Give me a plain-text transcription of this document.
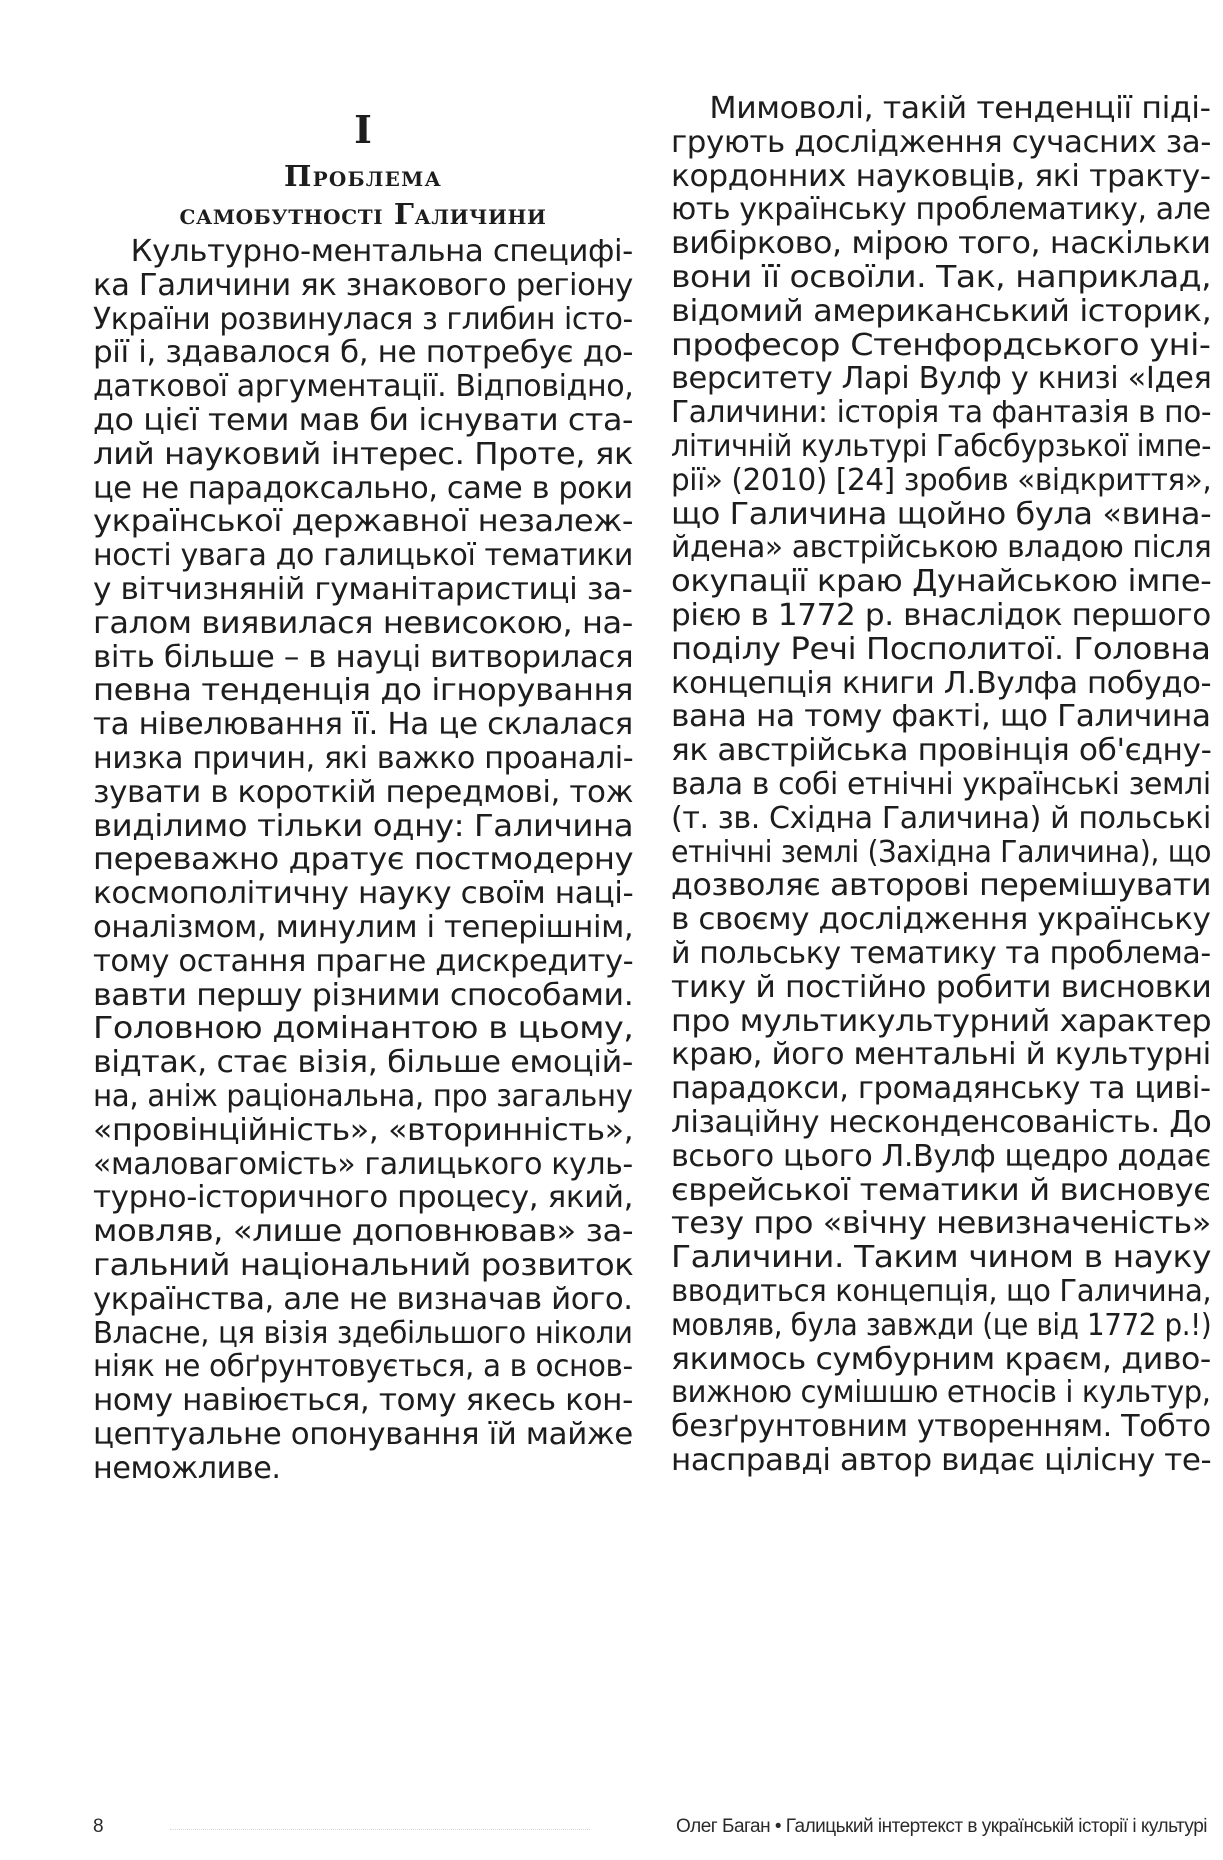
I
Проблема
самобутності Галичини

Культурно-ментальна специфі-

ка Галичини як знакового регіону

України розвинулася з глибин істо-

рії і, здавалося б, не потребує до-

даткової аргументації. Відповідно,

до цієї теми мав би існувати ста-

лий науковий інтерес. Проте, як

це не парадоксально, саме в роки

української державної незалеж-

ності увага до галицької тематики

у вітчизняній гуманітаристиці за-

галом виявилася невисокою, на-

віть більше – в науці витворилася

певна тенденція до ігнорування

та нівелювання її. На це склалася

низка причин, які важко проаналі-

зувати в короткій передмові, тож

виділимо тільки одну: Галичина

переважно дратує постмодерну

космополітичну науку своїм наці-

оналізмом, минулим і теперішнім,

тому остання прагне дискредиту-

вавти першу різними способами.

Головною домінантою в цьому,

відтак, стає візія, більше емоцій-

на, аніж раціональна, про загальну

«провінційність», «вторинність»,

«маловагомість» галицького куль-

турно-історичного процесу, який,

мовляв, «лише доповнював» за-

гальний національний розвиток

українства, але не визначав його.

Власне, ця візія здебільшого ніколи

ніяк не обґрунтовується, а в основ-

ному навіюється, тому якесь кон-

цептуальне опонування їй майже

неможливе.

Мимоволі, такій тенденції піді-

грують дослідження сучасних за-

кордонних науковців, які тракту-

ють українську проблематику, але

вибірково, мірою того, наскільки

вони її освоїли. Так, наприклад,

відомий американський історик,

професор Стенфордського уні-

верситету Ларі Вулф у книзі «Ідея

Галичини: історія та фантазія в по-

літичній культурі Габсбурзької імпе-

рії» (2010) [24] зробив «відкриття»,

що Галичина щойно була «вина-

йдена» австрійською владою після

окупації краю Дунайською імпе-

рією в 1772 р. внаслідок першого

поділу Речі Посполитої. Головна

концепція книги Л.Вулфа побудо-

вана на тому факті, що Галичина

як австрійська провінція об'єдну-

вала в собі етнічні українські землі

(т. зв. Східна Галичина) й польські

етнічні землі (Західна Галичина), що

дозволяє авторові перемішувати

в своєму дослідження українську

й польську тематику та проблема-

тику й постійно робити висновки

про мультикультурний характер

краю, його ментальні й культурні

парадокси, громадянську та циві-

лізаційну несконденсованість. До

всього цього Л.Вулф щедро додає

єврейської тематики й висновує

тезу про «вічну невизначеність»

Галичини. Таким чином в науку

вводиться концепція, що Галичина,

мовляв, була завжди (це від 1772 р.!)

якимось сумбурним краєм, диво-

вижною сумішшю етносів і культур,

безґрунтовним утворенням. Тобто

насправді автор видає цілісну те-

8	Олег Баган • Галицький інтертекст в українській історії і культурі
